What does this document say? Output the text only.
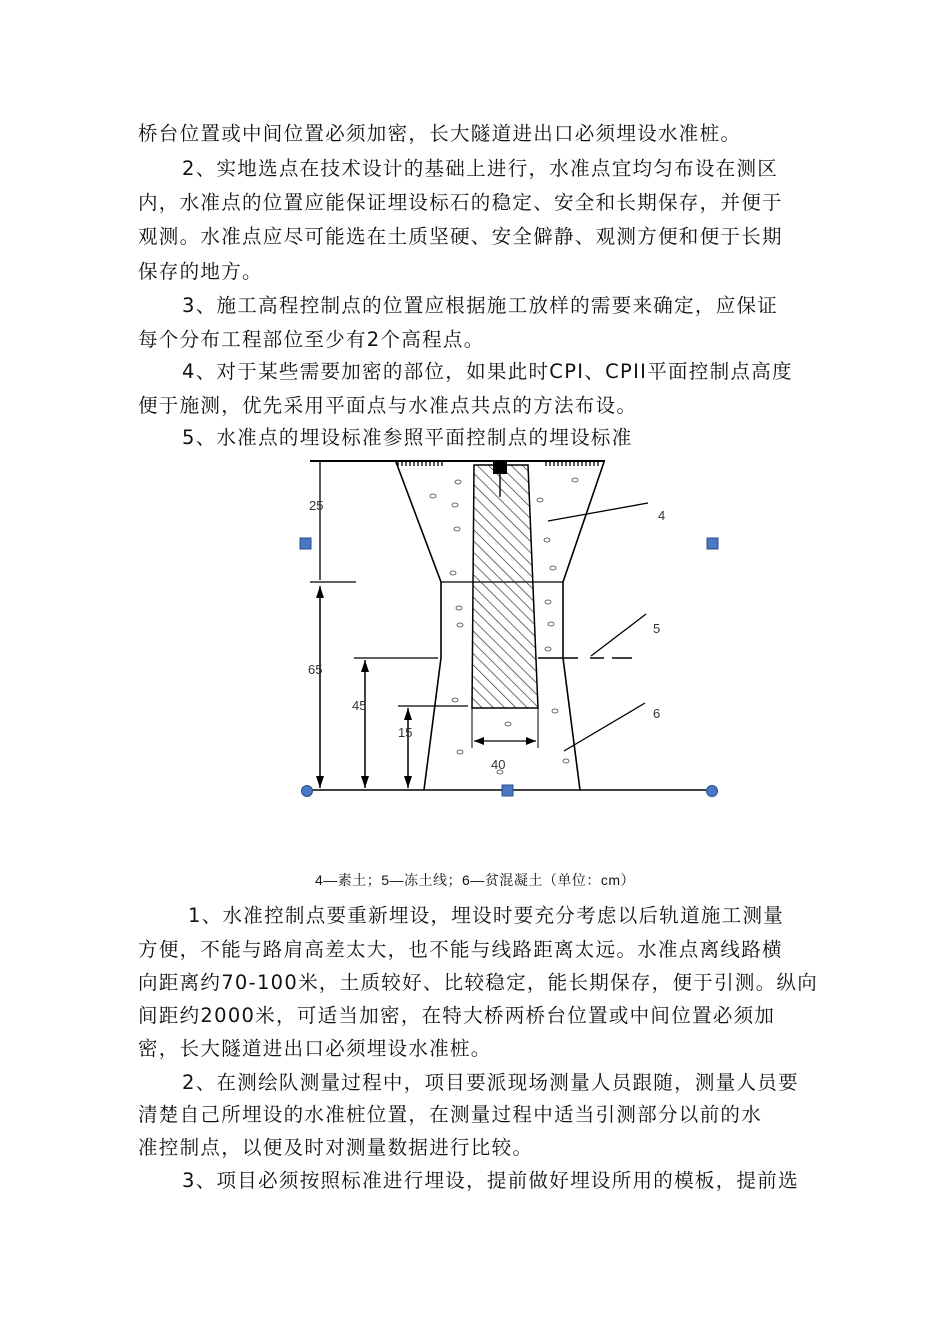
桥台位置或中间位置必须加密，长大隧道进出口必须埋设水准桩。
2、实地选点在技术设计的基础上进行，水准点宜均匀布设在测区
内，水准点的位置应能保证埋设标石的稳定、安全和长期保存，并便于
观测。水准点应尽可能选在土质坚硬、安全僻静、观测方便和便于长期
保存的地方。
3、施工高程控制点的位置应根据施工放样的需要来确定，应保证
每个分布工程部位至少有2个高程点。
4、对于某些需要加密的部位，如果此时CPI、CPII平面控制点高度
便于施测，优先采用平面点与水准点共点的方法布设。
5、水准点的埋设标准参照平面控制点的埋设标准
25
65
45
15
40
4
5
6
4—素土；5—冻土线；6—贫混凝土（单位：cm）
1、水准控制点要重新埋设，埋设时要充分考虑以后轨道施工测量
方便，不能与路肩高差太大，也不能与线路距离太远。水准点离线路横
向距离约70-100米，土质较好、比较稳定，能长期保存，便于引测。纵向
间距约2000米，可适当加密，在特大桥两桥台位置或中间位置必须加
密，长大隧道进出口必须埋设水准桩。
2、在测绘队测量过程中，项目要派现场测量人员跟随，测量人员要
清楚自己所埋设的水准桩位置，在测量过程中适当引测部分以前的水
准控制点，以便及时对测量数据进行比较。
3、项目必须按照标准进行埋设，提前做好埋设所用的模板，提前选
